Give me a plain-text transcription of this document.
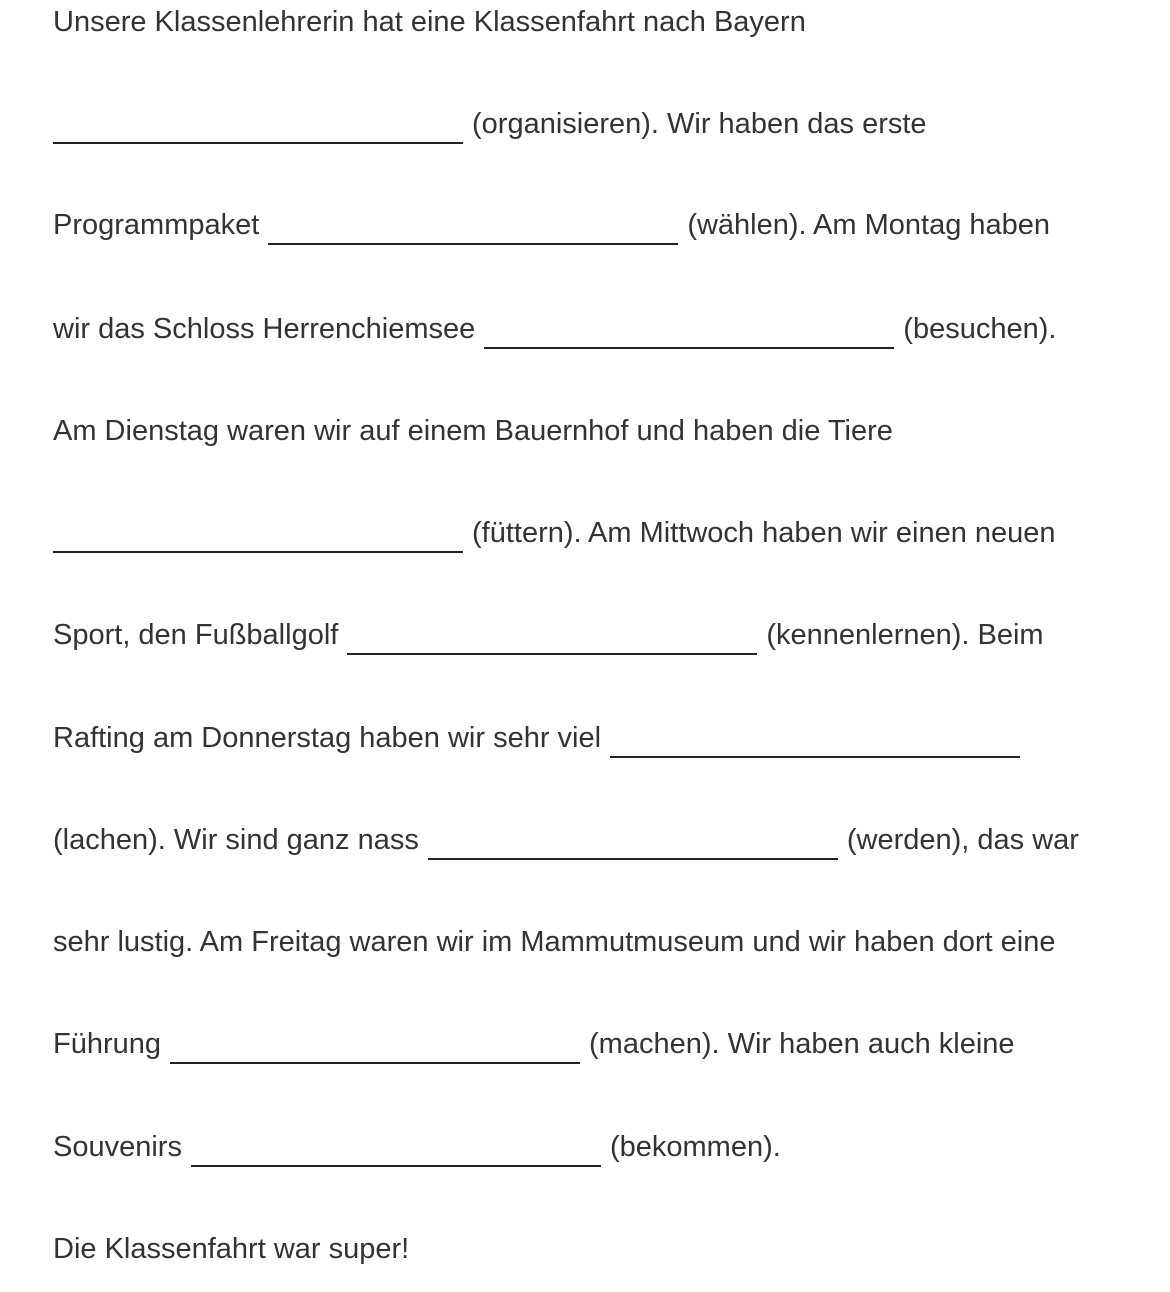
Unsere Klassenlehrerin hat eine Klassenfahrt nach Bayern
(organisieren). Wir haben das erste
Programmpaket	(wählen). Am Montag haben
wir das Schloss Herrenchiemsee	(besuchen).
Am Dienstag waren wir auf einem Bauernhof und haben die Tiere
(füttern). Am Mittwoch haben wir einen neuen
Sport, den Fußballgolf	(kennenlernen). Beim
Rafting am Donnerstag haben wir sehr viel
(lachen). Wir sind ganz nass	(werden), das war
sehr lustig. Am Freitag waren wir im Mammutmuseum und wir haben dort eine
Führung	(machen). Wir haben auch kleine
Souvenirs	(bekommen).
Die Klassenfahrt war super!
